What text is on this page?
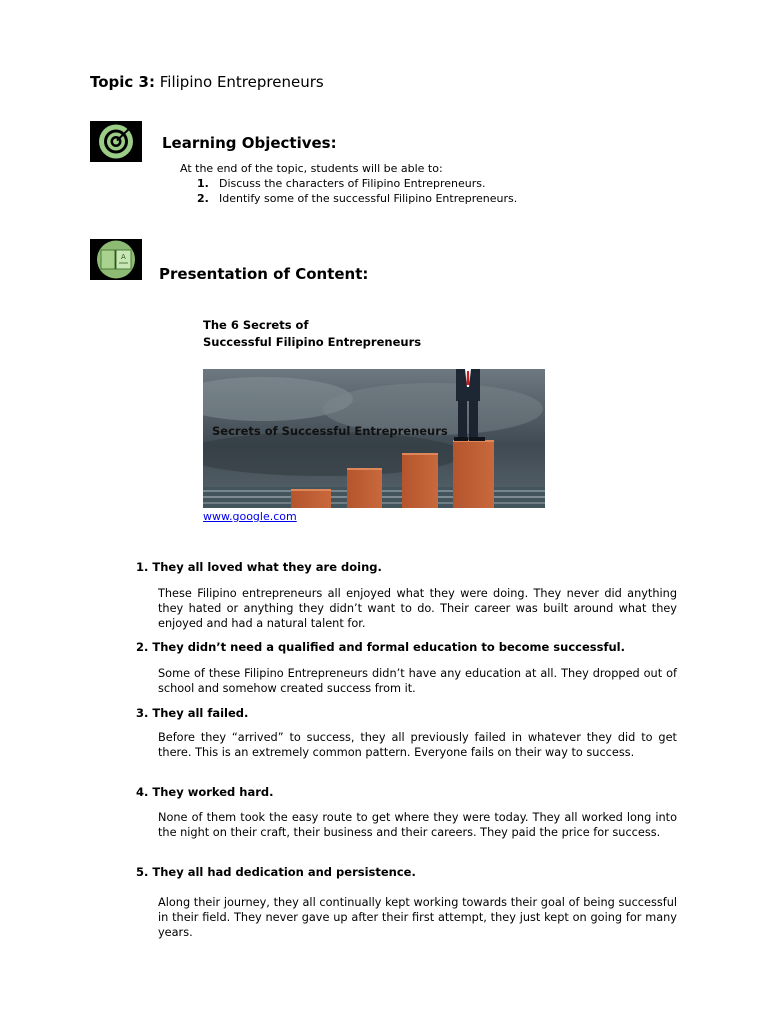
Topic 3: Filipino Entrepreneurs
Learning Objectives:
At the end of the topic, students will be able to:
1. Discuss the characters of Filipino Entrepreneurs.
2. Identify some of the successful Filipino Entrepreneurs.
A
Presentation of Content:
The 6 Secrets of
Successful Filipino Entrepreneurs
Secrets of Successful Entrepreneurs
www.google.com
1. They all loved what they are doing.
These Filipino entrepreneurs all enjoyed what they were doing. They never did anything they hated or anything they didn’t want to do. Their career was built around what they enjoyed and had a natural talent for.
2. They didn’t need a qualified and formal education to become successful.
Some of these Filipino Entrepreneurs didn’t have any education at all. They dropped out of school and somehow created success from it.
3. They all failed.
Before they “arrived” to success, they all previously failed in whatever they did to get there. This is an extremely common pattern. Everyone fails on their way to success.
4. They worked hard.
None of them took the easy route to get where they were today. They all worked long into the night on their craft, their business and their careers. They paid the price for success.
5. They all had dedication and persistence.
Along their journey, they all continually kept working towards their goal of being successful in their field. They never gave up after their first attempt, they just kept on going for many years.
